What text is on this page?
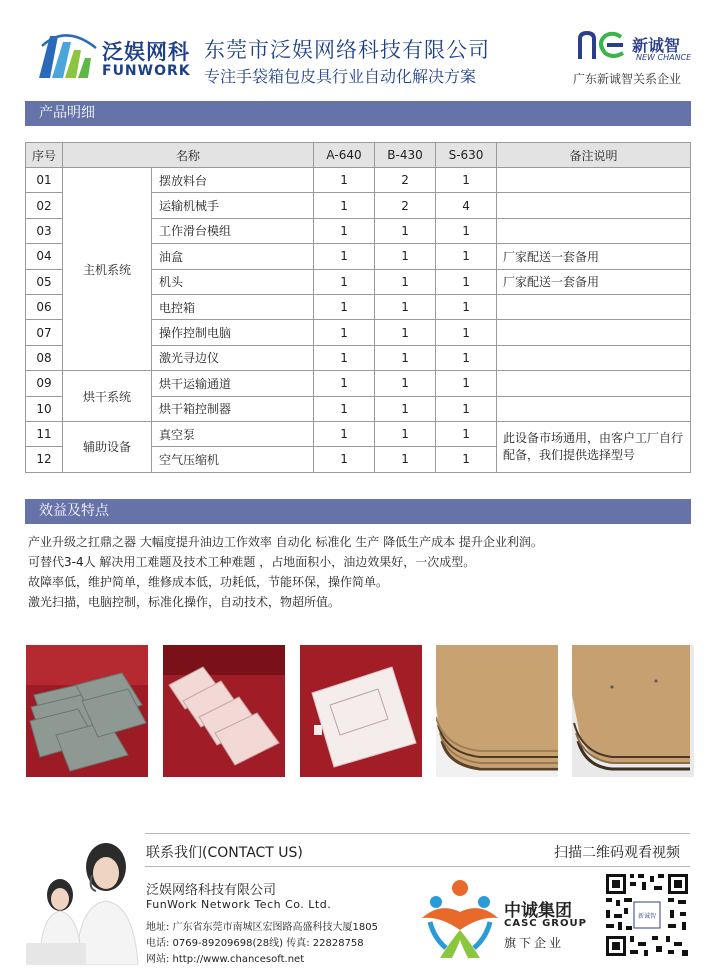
泛娱网科
FUNWORK
东莞市泛娱网络科技有限公司
专注手袋箱包皮具行业自动化解决方案
新诚智
NEW CHANCE
广东新诚智关系企业
产品明细
序号	名称		A-640	B-430	S-630	备注说明
01	主机系统	摆放料台	1	2	1	
02		运输机械手	1	2	4	
03		工作滑台模组	1	1	1	
04		油盒	1	1	1	厂家配送一套备用
05		机头	1	1	1	厂家配送一套备用
06		电控箱	1	1	1	
07		操作控制电脑	1	1	1	
08		激光寻边仪	1	1	1	
09	烘干系统	烘干运输通道	1	1	1	
10		烘干箱控制器	1	1	1	
11	辅助设备	真空泵	1	1	1	此设备市场通用，由客户工厂自行配备，我们提供选择型号
12		空气压缩机	1	1	1	
效益及特点
产业升级之扛鼎之器 大幅度提升油边工作效率 自动化 标准化 生产 降低生产成本 提升企业利润。
可替代3-4人 解决用工难题及技术工种难题 ，占地面积小，油边效果好，一次成型。
故障率低，维护简单，维修成本低，功耗低，节能环保，操作简单。
激光扫描，电脑控制，标准化操作，自动技术，物超所值。
联系我们(CONTACT US)	扫描二维码观看视频
泛娱网络科技有限公司
FunWork Network Tech Co. Ltd.
地址: 广东省东莞市南城区宏图路高盛科技大厦1805
电话: 0769-89209698(28线) 传真: 22828758
网站: http://www.chancesoft.net
中诚集团
CASC GROUP
旗下企业
新诚智
